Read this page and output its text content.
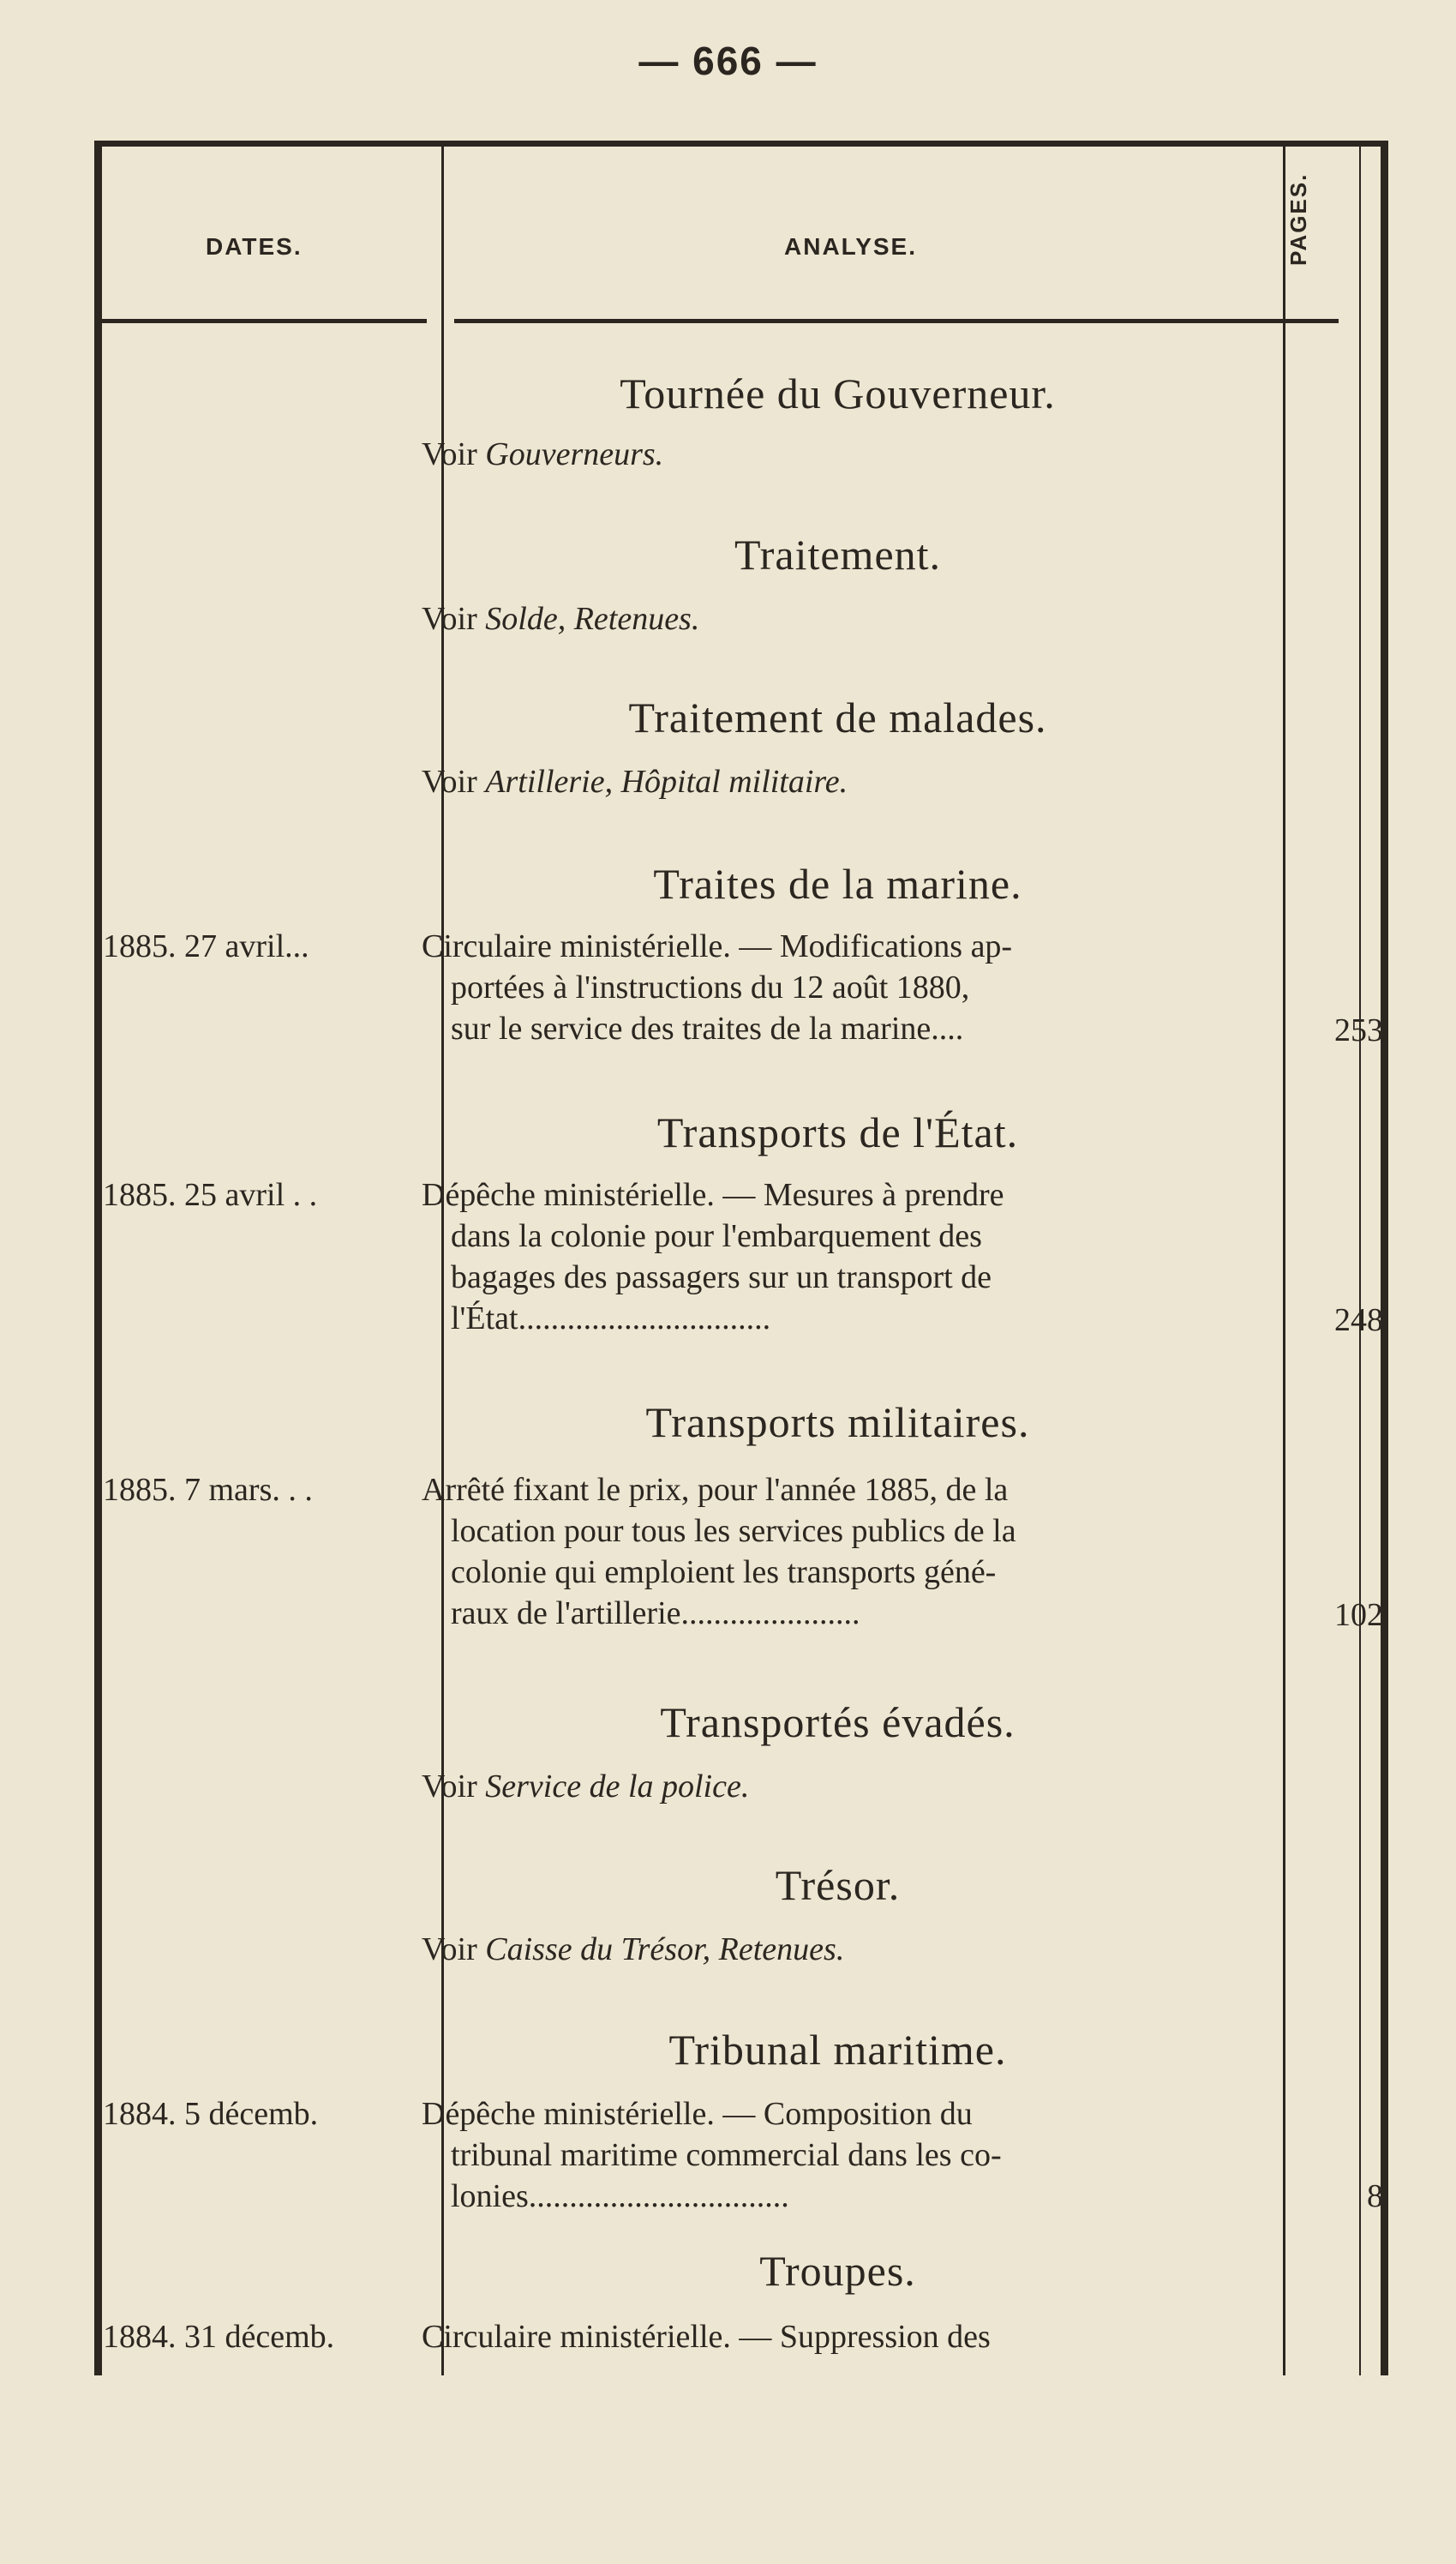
— 666 —
DATES.	ANALYSE.	PAGES.
Tournée du Gouverneur.
Voir Gouverneurs.
Traitement.
Voir Solde, Retenues.
Traitement de malades.
Voir Artillerie, Hôpital militaire.
Traites de la marine.
1885. 27 avril...	Circulaire ministérielle. — Modifications ap-
portées à l'instructions du 12 août 1880,
sur le service des traites de la marine....	253
Transports de l'État.
1885. 25 avril . .	Dépêche ministérielle. — Mesures à prendre
dans la colonie pour l'embarquement des
bagages des passagers sur un transport de
l'État...............................	248
Transports militaires.
1885. 7 mars. . .	Arrêté fixant le prix, pour l'année 1885, de la
location pour tous les services publics de la
colonie qui emploient les transports géné-
raux de l'artillerie......................	102
Transportés évadés.
Voir Service de la police.
Trésor.
Voir Caisse du Trésor, Retenues.
Tribunal maritime.
1884. 5 décemb.	Dépêche ministérielle. — Composition du
tribunal maritime commercial dans les co-
lonies................................	8
Troupes.
1884. 31 décemb.	Circulaire ministérielle. — Suppression des
